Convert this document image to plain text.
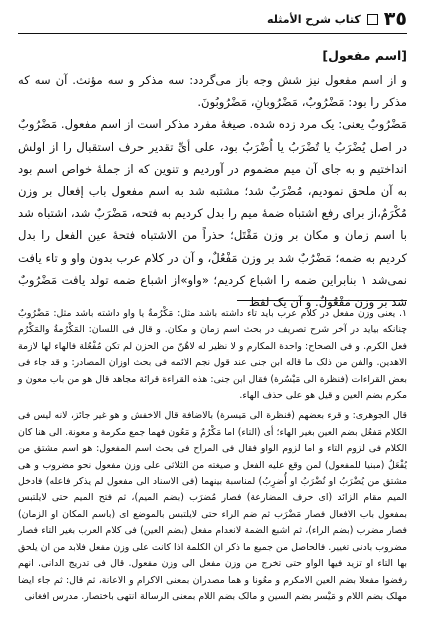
٣٥
کتاب شرح الأمثله
[اسم مفعول]

و از اسم مفعول نیز شش وجه باز می‌گردد: سه مذکر و سه مؤنث. آن سه که مذکر را بود: مَضْرُوبٌ، مَضْرُوبانِ، مَضْرُوبُونَ.

مَضْرُوبٌ یعنی: یک مرد زده شده. صیغهٔ مفرد مذکر است از اسم مفعول. مَضْرُوبٌ در اصل یُضْرَبُ یا تُضْرَبُ یا اُضْرَبُ بود، علی أیِّ تقدیر حرف استقبال را از اولش انداختیم و به جای آن میم مضموم در آوردیم و تنوین که از جملهٔ خواص اسم بود به آن ملحق نمودیم، مُضْرَبٌ شد؛ مشتبه شد به اسم مفعول باب إفعال بر وزن مُکْرَمٌ،از برای رفع اشتباه ضمهٔ میم را بدل کردیم به فتحه، مَضْرَبٌ شد، اشتباه شد با اسم زمان و مکان بر وزن مَقْتَل؛ حذراً من الاشتباه فتحهٔ عین الفعل را بدل کردیم به ضمه؛ مَضْرُبٌ شد بر وزن مَفْعُلٌ، و آن در کلام عرب بدون واو و تاء یافت نمی‌شد ١ بنابراین ضمه را اشباع کردیم؛ «واو»از اشباع ضمه تولد یافت مَضْرُوبٌ شد بر وزن مَفْعُولٌ. و آن یک لفظ

١. یعنی وزن مفعل در کلام عرب باید تاء داشته باشد مثل: مَکْرُمةٌ یا واو داشته باشد مثل: مَضْرُوبٌ چنانکه بیاید در آخر شرح تصریف در بحث اسم زمان و مکان. و قال فی اللسان: المَکْرُمةُ والمَکْرُم فعل الکرم. و فی الصحاح: واحدة المکارم و لا نظیر له لاهُنّ من الحزن لم تکن مُفْعُلة فالهاء لها لازمة الاهدین. والفن من ذلک ما قاله ابن جنی عند قول نجم الائمه فی بحث اوزان المصادر: و قد جاء فی بعض القراءات (فنظرة الی مَیْسُرة) فقال ابن جنی: هذه القراءة قرائة مجاهد قال هو من باب معون و مکرم بضم العین و قیل هو علی حذف الهاء.

قال الجوهری: و قرء بعضهم (فنظرة الی مَیسرة) بالاضافة قال الاخفش و هو غیر جائز، لانه لیس فی الکلام مَفعُل بضم العین بغیر الهاء؛ أی (التاء) اما مَکْرُمٌ و مَعُون فهما جمع مکرمة و معونة. الی هنا کان الکلام فی لزوم التاء و اما لزوم الواو فقال فی المراح فی بحث اسم المفعول: هو اسم مشتق من یُفْعَلُ (مبنیا للمفعول) لمن وقع علیه الفعل و صیغته من الثلاثی علی وزن مفعول نحو مضروب و هی مشتق من یُضْرَبُ او تُضْرَبُ او أُضرِبُ) لمناسبة بینهما (فی الاسناد الی مفعول لم یذکر فاعله) فادخل المیم مقام الزائد (ای حرف المضارعة) فصار مُضرَب (بضم المیم)، ثم فتح المیم حتی لایلتبس بمفعول باب الافعال فصار مَضْرَب ثم ضم الراء حتی لایلتبس بالموضع ای (باسم المکان او الزمان) فصار مضرب (بضم الراء)، ثم اشبع الضمة لانعدام مفعل (بضم العین) فی کلام العرب بغیر التاء فصار مضروب بادنی تغییر. فالحاصل من جمیع ما ذکر ان الکلمة اذا کانت علی وزن مفعل فلابد من ان یلحق بها التاء او تزید فیها الواو حتی تخرج من وزن مفعل الی وزن مفعول. قال فی تدریج الدانی. انهم رفضوا مفعلا بضم العین الامکرم و معُونا و هما مصدران بمعنی الاکرام و الاعانة، ثم قال: ثم جاء ایضا مهلک بضم اللام و مَیْسر بضم السین و مالک بضم اللام بمعنی الرسالة انتهی باختصار. مدرس افغانی
